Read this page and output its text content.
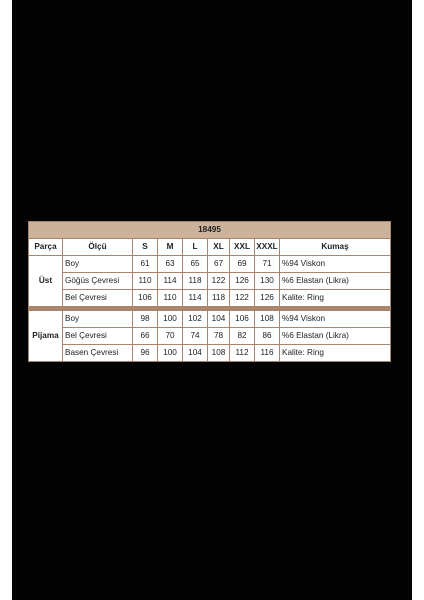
18495								
Parça	Ölçü	S	M	L	XL	XXL	XXXL	Kumaş
Üst	Boy	61	63	65	67	69	71	%94 Viskon
	Göğüs Çevresi	110	114	118	122	126	130	%6 Elastan (Likra)
	Bel Çevresi	106	110	114	118	122	126	Kalite: Ring

Pijama	Boy	98	100	102	104	106	108	%94 Viskon
	Bel Çevresi	66	70	74	78	82	86	%6 Elastan (Likra)
	Basen Çevresi	96	100	104	108	112	116	Kalite: Ring
